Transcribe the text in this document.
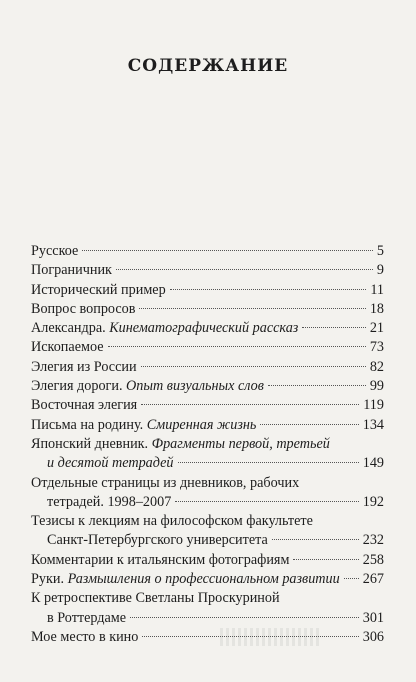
СОДЕРЖАНИЕ
Русское	5
Пограничник	9
Исторический пример	11
Вопрос вопросов	18
Александра. Кинематографический рассказ	21
Ископаемое	73
Элегия из России	82
Элегия дороги. Опыт визуальных слов	99
Восточная элегия	119
Письма на родину. Смиренная жизнь	134
Японский дневник. Фрагменты первой, третьей
и десятой тетрадей	149
Отдельные страницы из дневников, рабочих
тетрадей. 1998–2007	192
Тезисы к лекциям на философском факультете
Санкт-Петербургского университета	232
Комментарии к итальянским фотографиям	258
Руки. Размышления о профессиональном развитии 267
К ретроспективе Светланы Проскуриной
в Роттердаме	301
Мое место в кино	306
